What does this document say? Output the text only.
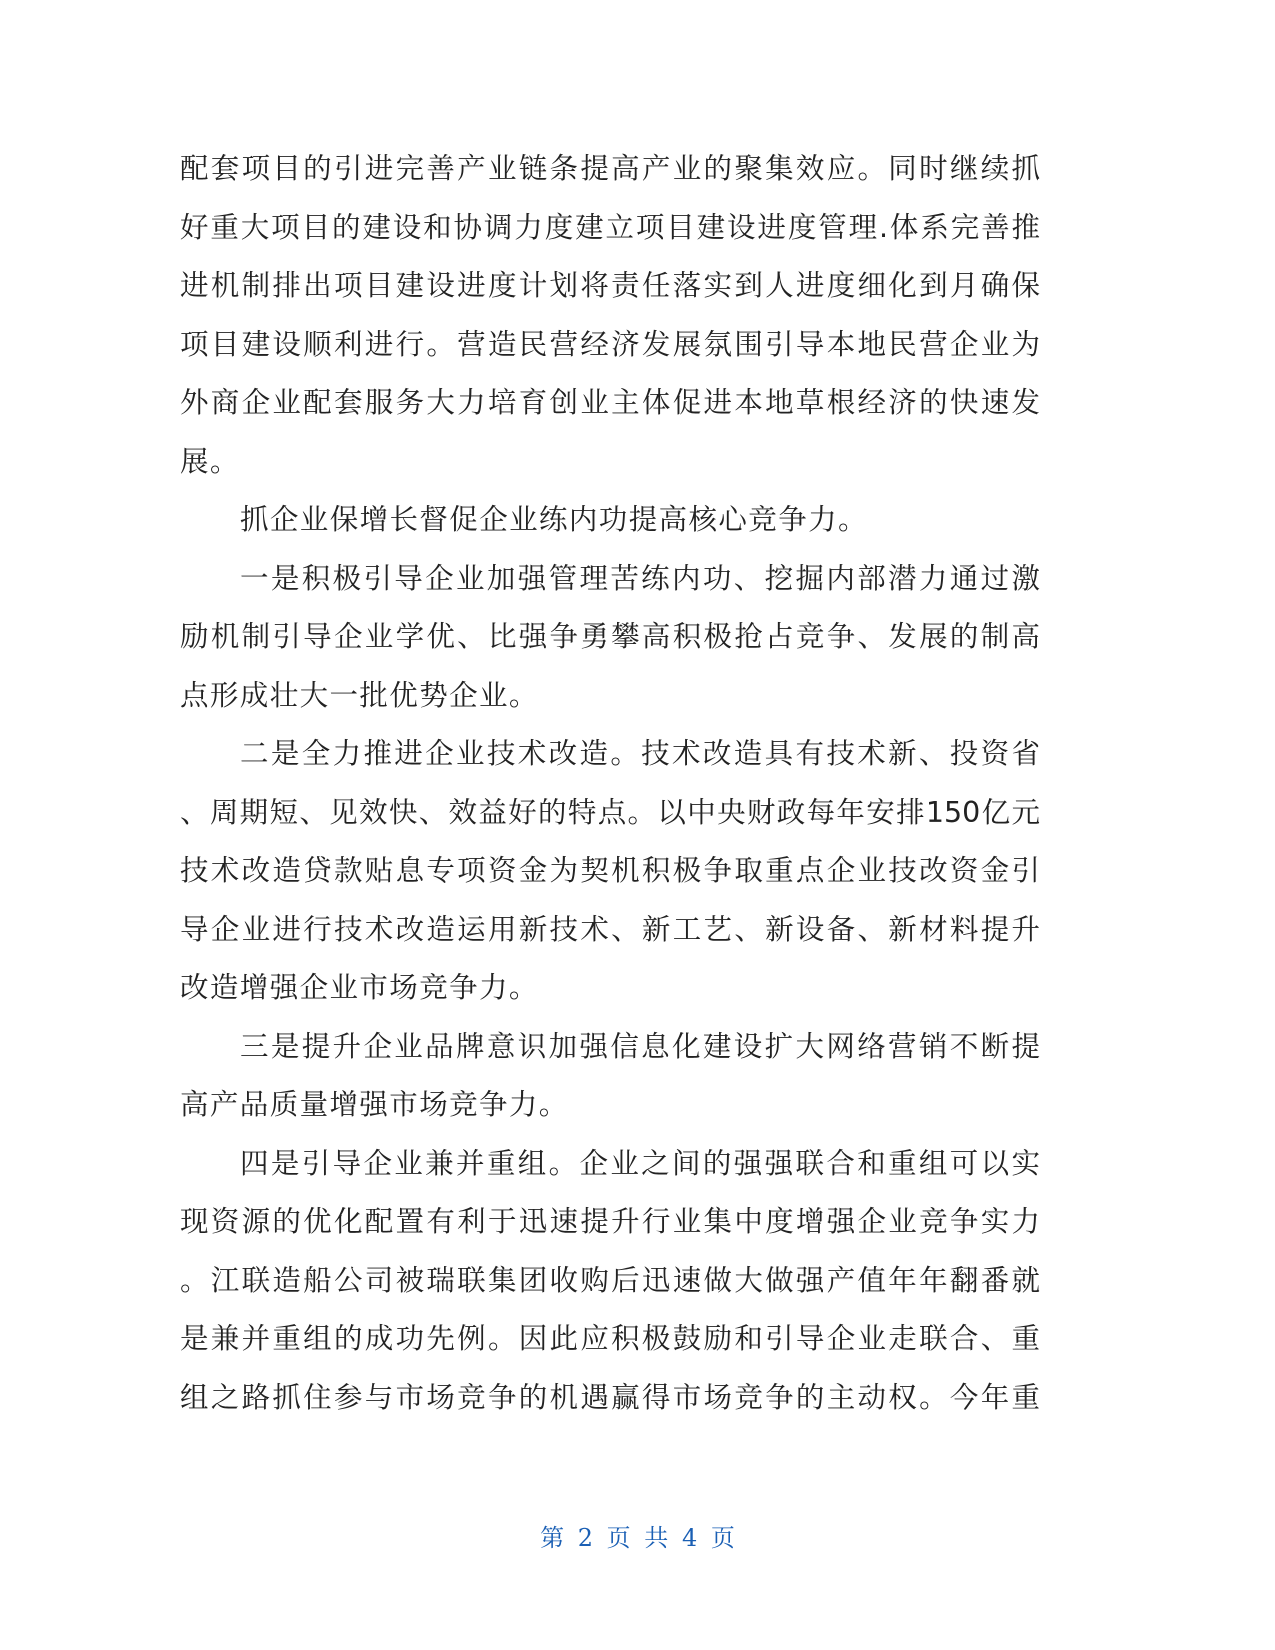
配套项目的引进完善产业链条提高产业的聚集效应。同时继续抓
好重大项目的建设和协调力度建立项目建设进度管理.体系完善推
进机制排出项目建设进度计划将责任落实到人进度细化到月确保
项目建设顺利进行。营造民营经济发展氛围引导本地民营企业为
外商企业配套服务大力培育创业主体促进本地草根经济的快速发
展。
抓企业保增长督促企业练内功提高核心竞争力。
一是积极引导企业加强管理苦练内功、挖掘内部潜力通过激
励机制引导企业学优、比强争勇攀高积极抢占竞争、发展的制高
点形成壮大一批优势企业。
二是全力推进企业技术改造。技术改造具有技术新、投资省
、周期短、见效快、效益好的特点。以中央财政每年安排150亿元
技术改造贷款贴息专项资金为契机积极争取重点企业技改资金引
导企业进行技术改造运用新技术、新工艺、新设备、新材料提升
改造增强企业市场竞争力。
三是提升企业品牌意识加强信息化建设扩大网络营销不断提
高产品质量增强市场竞争力。
四是引导企业兼并重组。企业之间的强强联合和重组可以实
现资源的优化配置有利于迅速提升行业集中度增强企业竞争实力
。江联造船公司被瑞联集团收购后迅速做大做强产值年年翻番就
是兼并重组的成功先例。因此应积极鼓励和引导企业走联合、重
组之路抓住参与市场竞争的机遇赢得市场竞争的主动权。今年重
第 2 页 共 4 页
